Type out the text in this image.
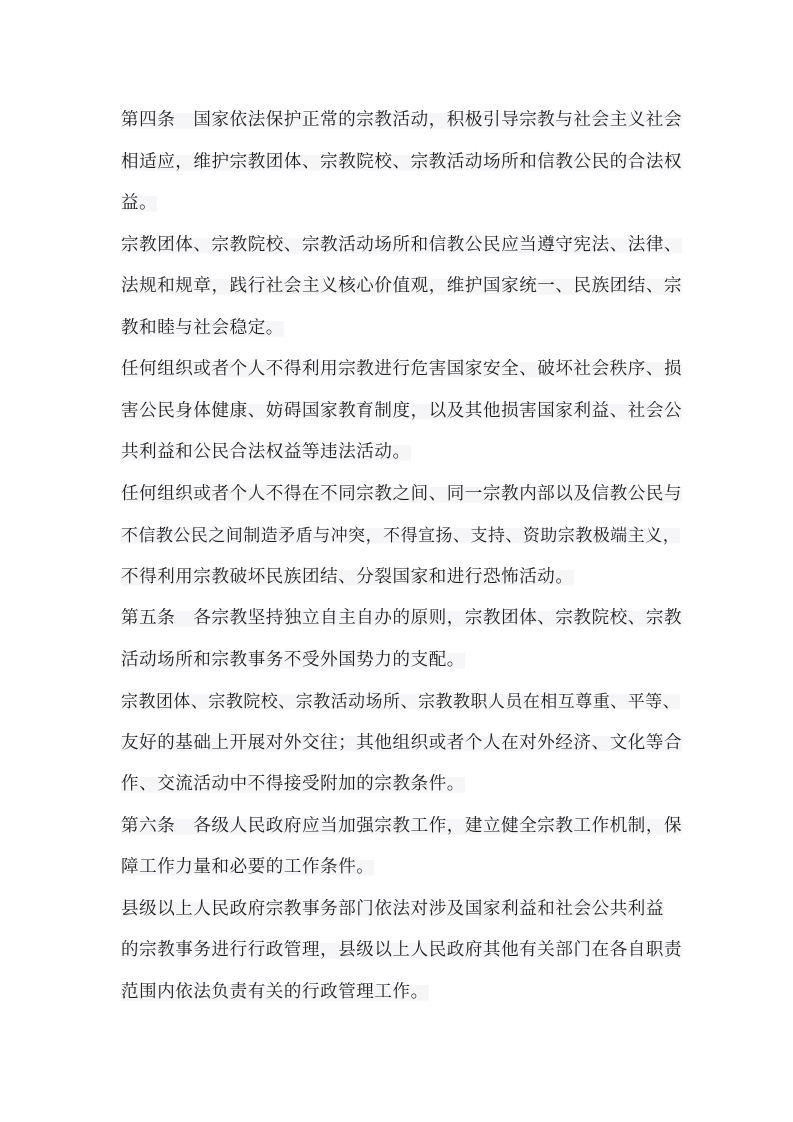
第四条　国家依法保护正常的宗教活动，积极引导宗教与社会主义社会
相适应，维护宗教团体、宗教院校、宗教活动场所和信教公民的合法权
益。
宗教团体、宗教院校、宗教活动场所和信教公民应当遵守宪法、法律、
法规和规章，践行社会主义核心价值观，维护国家统一、民族团结、宗
教和睦与社会稳定。
任何组织或者个人不得利用宗教进行危害国家安全、破坏社会秩序、损
害公民身体健康、妨碍国家教育制度，以及其他损害国家利益、社会公
共利益和公民合法权益等违法活动。
任何组织或者个人不得在不同宗教之间、同一宗教内部以及信教公民与
不信教公民之间制造矛盾与冲突，不得宣扬、支持、资助宗教极端主义，
不得利用宗教破坏民族团结、分裂国家和进行恐怖活动。
第五条　各宗教坚持独立自主自办的原则，宗教团体、宗教院校、宗教
活动场所和宗教事务不受外国势力的支配。
宗教团体、宗教院校、宗教活动场所、宗教教职人员在相互尊重、平等、
友好的基础上开展对外交往；其他组织或者个人在对外经济、文化等合
作、交流活动中不得接受附加的宗教条件。
第六条　各级人民政府应当加强宗教工作，建立健全宗教工作机制，保
障工作力量和必要的工作条件。
县级以上人民政府宗教事务部门依法对涉及国家利益和社会公共利益
的宗教事务进行行政管理，县级以上人民政府其他有关部门在各自职责
范围内依法负责有关的行政管理工作。
